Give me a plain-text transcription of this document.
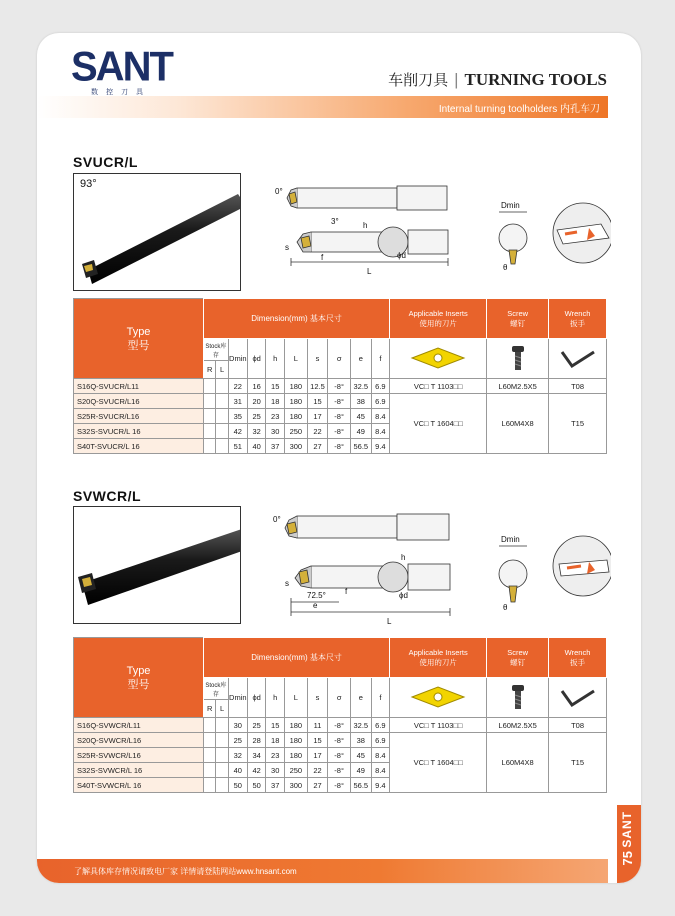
SANT
数控刀具
车削刀具 | TURNING TOOLS
Internal turning toolholders 内孔车刀
SVUCR/L
93°
0°
3°	h
s
f
L
ϕd
Dmin
θ
Type
型号	Dimension(mm) 基本尺寸										Applicable Inserts
使用的刀片	Screw
螺钉	Wrench
扳手
	Stock库存		Dmin	ϕd	h	L	s	σ	e	f			
	R	L											
S16Q-SVUCR/L11			22	16	15	180	12.5	-8°	32.5	6.9	VC□ T 1103□□	L60M2.5X5	T08
S20Q-SVUCR/L16			31	20	18	180	15	-8°	38	6.9	VC□ T 1604□□	L60M4X8	T15
S25R-SVUCR/L16			35	25	23	180	17	-8°	45	8.4			
S32S-SVUCR/L 16			42	32	30	250	22	-8°	49	8.4			
S40T-SVUCR/L 16			51	40	37	300	27	-8°	56.5	9.4			
SVWCR/L
0°
h
s
72.5° f
e
L
ϕd
Dmin
θ
Type
型号	Dimension(mm) 基本尺寸										Applicable Inserts
使用的刀片	Screw
螺钉	Wrench
扳手
	Stock库存		Dmin	ϕd	h	L	s	σ	e	f			
	R	L											
S16Q-SVWCR/L11			30	25	15	180	11	-8°	32.5	6.9	VC□ T 1103□□	L60M2.5X5	T08
S20Q-SVWCR/L16			25	28	18	180	15	-8°	38	6.9	VC□ T 1604□□	L60M4X8	T15
S25R-SVWCR/L16			32	34	23	180	17	-8°	45	8.4			
S32S-SVWCR/L 16			40	42	30	250	22	-8°	49	8.4			
S40T-SVWCR/L 16			50	50	37	300	27	-8°	56.5	9.4			
了解具体库存情况请致电厂家 详情请登陆网站www.hnsant.com
SANT
75
